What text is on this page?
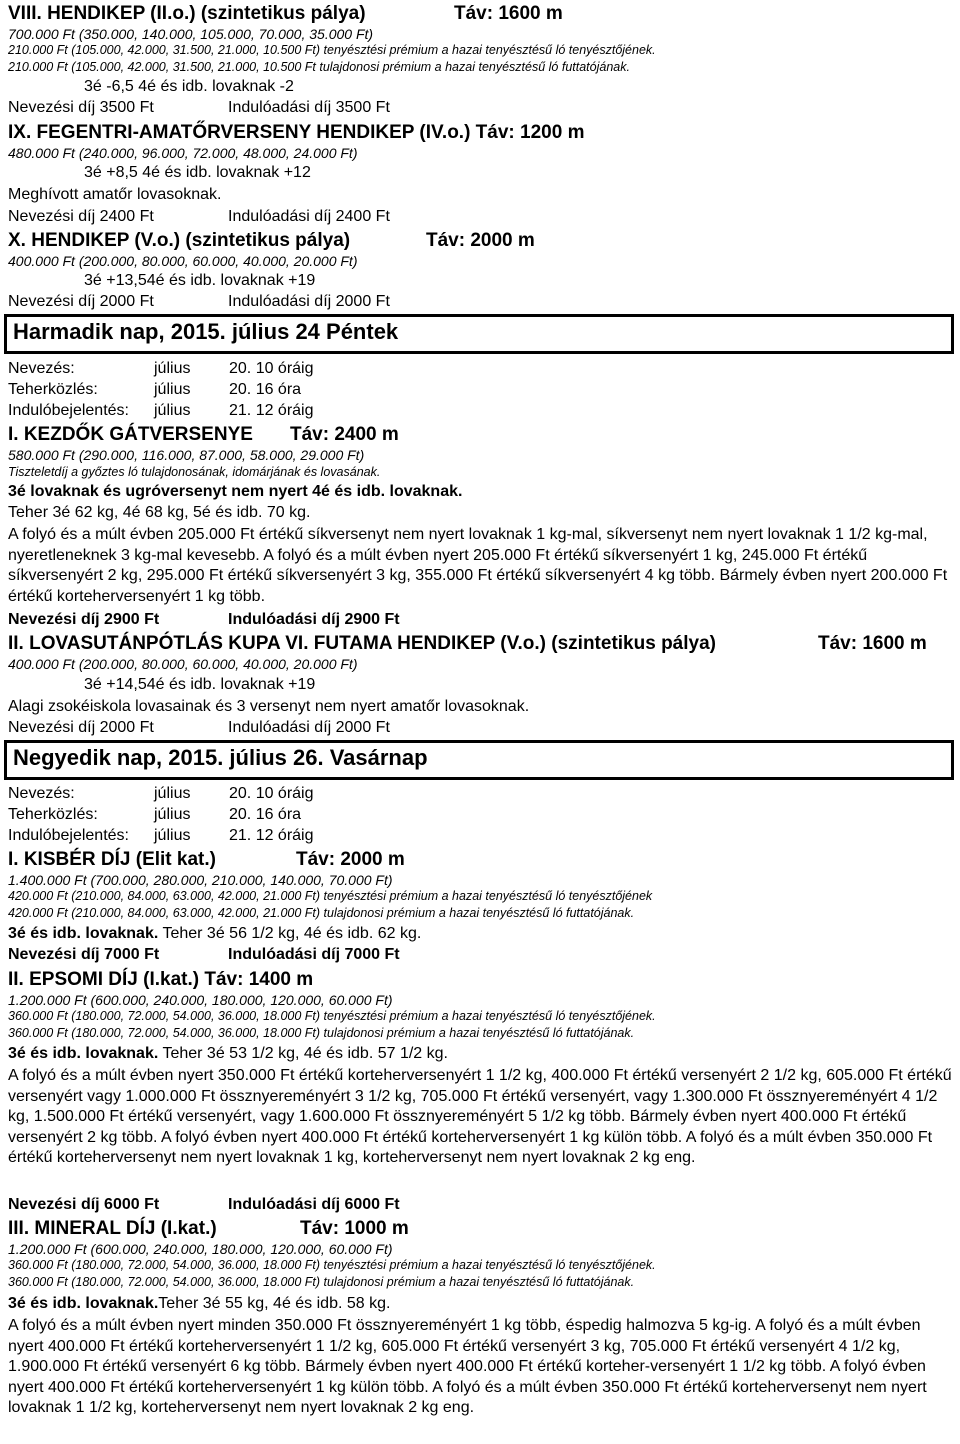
VIII. HENDIKEP (II.o.) (szintetikus pálya)	Táv: 1600 m
700.000 Ft (350.000, 140.000, 105.000, 70.000, 35.000 Ft)
210.000 Ft (105.000, 42.000, 31.500, 21.000, 10.500 Ft) tenyésztési prémium a hazai tenyésztésű ló tenyésztőjének.
210.000 Ft (105.000, 42.000, 31.500, 21.000, 10.500 Ft tulajdonosi prémium a hazai tenyésztésű ló futtatójának.
3é -6,5 4é és idb. lovaknak -2
Nevezési díj 3500 Ft	Indulóadási díj 3500 Ft
IX. FEGENTRI-AMATŐRVERSENY HENDIKEP (IV.o.) Táv: 1200 m
480.000 Ft (240.000, 96.000, 72.000, 48.000, 24.000 Ft)
3é +8,5 4é és idb. lovaknak +12
Meghívott amatőr lovasoknak.
Nevezési díj 2400 Ft	Indulóadási díj 2400 Ft
X. HENDIKEP (V.o.) (szintetikus pálya)	Táv: 2000 m
400.000 Ft (200.000, 80.000, 60.000, 40.000, 20.000 Ft)
3é +13,54é és idb. lovaknak +19
Nevezési díj 2000 Ft	Indulóadási díj 2000 Ft
Harmadik nap, 2015. július 24 Péntek
Nevezés:	július 20. 10 óráig
Teherközlés:	július 20. 16 óra
Indulóbejelentés: július 21. 12 óráig
I. KEZDŐK GÁTVERSENYE Táv: 2400 m
580.000 Ft (290.000, 116.000, 87.000, 58.000, 29.000 Ft)
Tiszteletdíj a győztes ló tulajdonosának, idomárjának és lovasának.
3é lovaknak és ugróversenyt nem nyert 4é és idb. lovaknak.
Teher 3é 62 kg, 4é 68 kg, 5é és idb. 70 kg.
A folyó és a múlt évben 205.000 Ft értékű síkversenyt nem nyert lovaknak 1 kg-mal, síkversenyt nem nyert lovaknak 1 1/2 kg-mal, nyeretleneknek 3 kg-mal kevesebb. A folyó és a múlt évben nyert 205.000 Ft értékű síkversenyért 1 kg, 245.000 Ft értékű síkversenyért 2 kg, 295.000 Ft értékű síkversenyért 3 kg, 355.000 Ft értékű síkversenyért 4 kg több. Bármely évben nyert 200.000 Ft értékű korteherversenyért 1 kg több.
Nevezési díj 2900 Ft	Indulóadási díj 2900 Ft
II. LOVASUTÁNPÓTLÁS KUPA VI. FUTAMA HENDIKEP (V.o.) (szintetikus pálya)	Táv: 1600 m
400.000 Ft (200.000, 80.000, 60.000, 40.000, 20.000 Ft)
3é +14,54é és idb. lovaknak +19
Alagi zsokéiskola lovasainak és 3 versenyt nem nyert amatőr lovasoknak.
Nevezési díj 2000 Ft	Indulóadási díj 2000 Ft
Negyedik nap, 2015. július 26. Vasárnap
Nevezés:	július 20. 10 óráig
Teherközlés:	július 20. 16 óra
Indulóbejelentés: július 21. 12 óráig
I. KISBÉR DÍJ (Elit kat.)	Táv: 2000 m
1.400.000 Ft (700.000, 280.000, 210.000, 140.000, 70.000 Ft)
420.000 Ft (210.000, 84.000, 63.000, 42.000, 21.000 Ft) tenyésztési prémium a hazai tenyésztésű ló tenyésztőjének
420.000 Ft (210.000, 84.000, 63.000, 42.000, 21.000 Ft) tulajdonosi prémium a hazai tenyésztésű ló futtatójának.
3é és idb. lovaknak. Teher 3é 56 1/2 kg, 4é és idb. 62 kg.
Nevezési díj 7000 Ft	Indulóadási díj 7000 Ft
II. EPSOMI DÍJ (I.kat.) Táv: 1400 m
1.200.000 Ft (600.000, 240.000, 180.000, 120.000, 60.000 Ft)
360.000 Ft (180.000, 72.000, 54.000, 36.000, 18.000 Ft) tenyésztési prémium a hazai tenyésztésű ló tenyésztőjének.
360.000 Ft (180.000, 72.000, 54.000, 36.000, 18.000 Ft) tulajdonosi prémium a hazai tenyésztésű ló futtatójának.
3é és idb. lovaknak. Teher 3é 53 1/2 kg, 4é és idb. 57 1/2 kg.
A folyó és a múlt évben nyert 350.000 Ft értékű korteherversenyért 1 1/2 kg, 400.000 Ft értékű versenyért 2 1/2 kg, 605.000 Ft értékű versenyért vagy 1.000.000 Ft össznyereményért 3 1/2 kg, 705.000 Ft értékű versenyért, vagy 1.300.000 Ft össznyereményért 4 1/2 kg, 1.500.000 Ft értékű versenyért, vagy 1.600.000 Ft össznyereményért 5 1/2 kg több. Bármely évben nyert 400.000 Ft értékű versenyért 2 kg több. A folyó évben nyert 400.000 Ft értékű korteherversenyért 1 kg külön több. A folyó és a múlt évben 350.000 Ft értékű korteherversenyt nem nyert lovaknak 1 kg, korteherversenyt nem nyert lovaknak 2 kg eng.
Nevezési díj 6000 Ft	Indulóadási díj 6000 Ft
III. MINERAL DÍJ (I.kat.)	Táv: 1000 m
1.200.000 Ft (600.000, 240.000, 180.000, 120.000, 60.000 Ft)
360.000 Ft (180.000, 72.000, 54.000, 36.000, 18.000 Ft) tenyésztési prémium a hazai tenyésztésű ló tenyésztőjének.
360.000 Ft (180.000, 72.000, 54.000, 36.000, 18.000 Ft) tulajdonosi prémium a hazai tenyésztésű ló futtatójának.
3é és idb. lovaknak.Teher 3é 55 kg, 4é és idb. 58 kg.
A folyó és a múlt évben nyert minden 350.000 Ft össznyereményért 1 kg több, éspedig halmozva 5 kg-ig. A folyó és a múlt évben nyert 400.000 Ft értékű korteherversenyért 1 1/2 kg, 605.000 Ft értékű versenyért 3 kg, 705.000 Ft értékű versenyért 4 1/2 kg, 1.900.000 Ft értékű versenyért 6 kg több. Bármely évben nyert 400.000 Ft értékű korteher-versenyért 1 1/2 kg több. A folyó évben nyert 400.000 Ft értékű korteherversenyért 1 kg külön több. A folyó és a múlt évben 350.000 Ft értékű korteherversenyt nem nyert lovaknak 1 1/2 kg, korteherversenyt nem nyert lovaknak 2 kg eng.
